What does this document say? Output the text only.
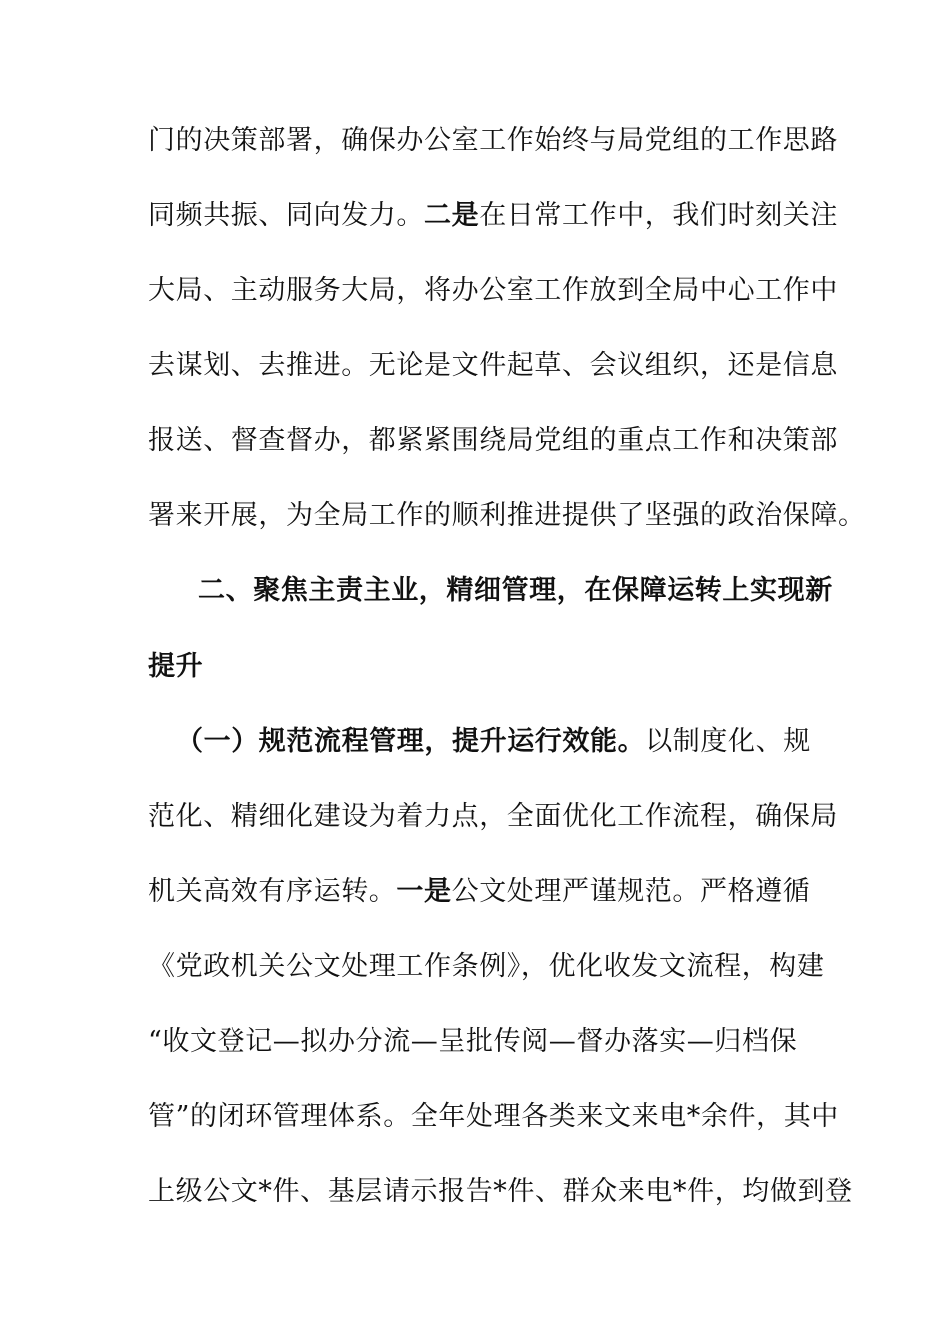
门的决策部署，确保办公室工作始终与局党组的工作思路
同频共振、同向发力。二是在日常工作中，我们时刻关注
大局、主动服务大局，将办公室工作放到全局中心工作中
去谋划、去推进。无论是文件起草、会议组织，还是信息
报送、督查督办，都紧紧围绕局党组的重点工作和决策部
署来开展，为全局工作的顺利推进提供了坚强的政治保障。
二、聚焦主责主业，精细管理，在保障运转上实现新
提升
（一）规范流程管理，提升运行效能。以制度化、规
范化、精细化建设为着力点，全面优化工作流程，确保局
机关高效有序运转。一是公文处理严谨规范。严格遵循
《党政机关公文处理工作条例》，优化收发文流程，构建
“收文登记—拟办分流—呈批传阅—督办落实—归档保
管”的闭环管理体系。全年处理各类来文来电*余件，其中
上级公文*件、基层请示报告*件、群众来电*件，均做到登
